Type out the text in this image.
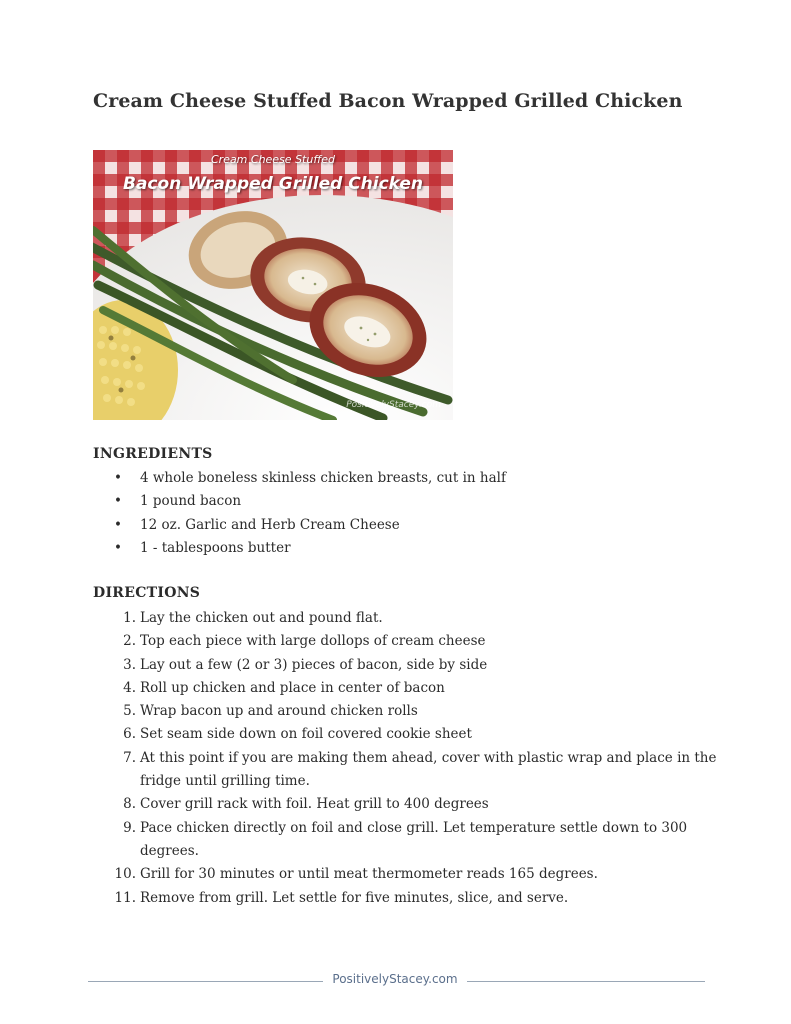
Cream Cheese Stuffed Bacon Wrapped Grilled Chicken
Cream Cheese Stuffed
Bacon Wrapped Grilled Chicken
PositivelyStacey.com
INGREDIENTS
• 4 whole boneless skinless chicken breasts, cut in half
• 1 pound bacon
• 12 oz. Garlic and Herb Cream Cheese
• 1 - tablespoons butter
DIRECTIONS
1. Lay the chicken out and pound flat.
2. Top each piece with large dollops of cream cheese
3. Lay out a few (2 or 3) pieces of bacon, side by side
4. Roll up chicken and place in center of bacon
5. Wrap bacon up and around chicken rolls
6. Set seam side down on foil covered cookie sheet
7. At this point if you are making them ahead, cover with plastic wrap and place in the fridge until grilling time.
8. Cover grill rack with foil. Heat grill to 400 degrees
9. Pace chicken directly on foil and close grill. Let temperature settle down to 300 degrees.
10. Grill for 30 minutes or until meat thermometer reads 165 degrees.
11. Remove from grill. Let settle for five minutes, slice, and serve.
PositivelyStacey.com
